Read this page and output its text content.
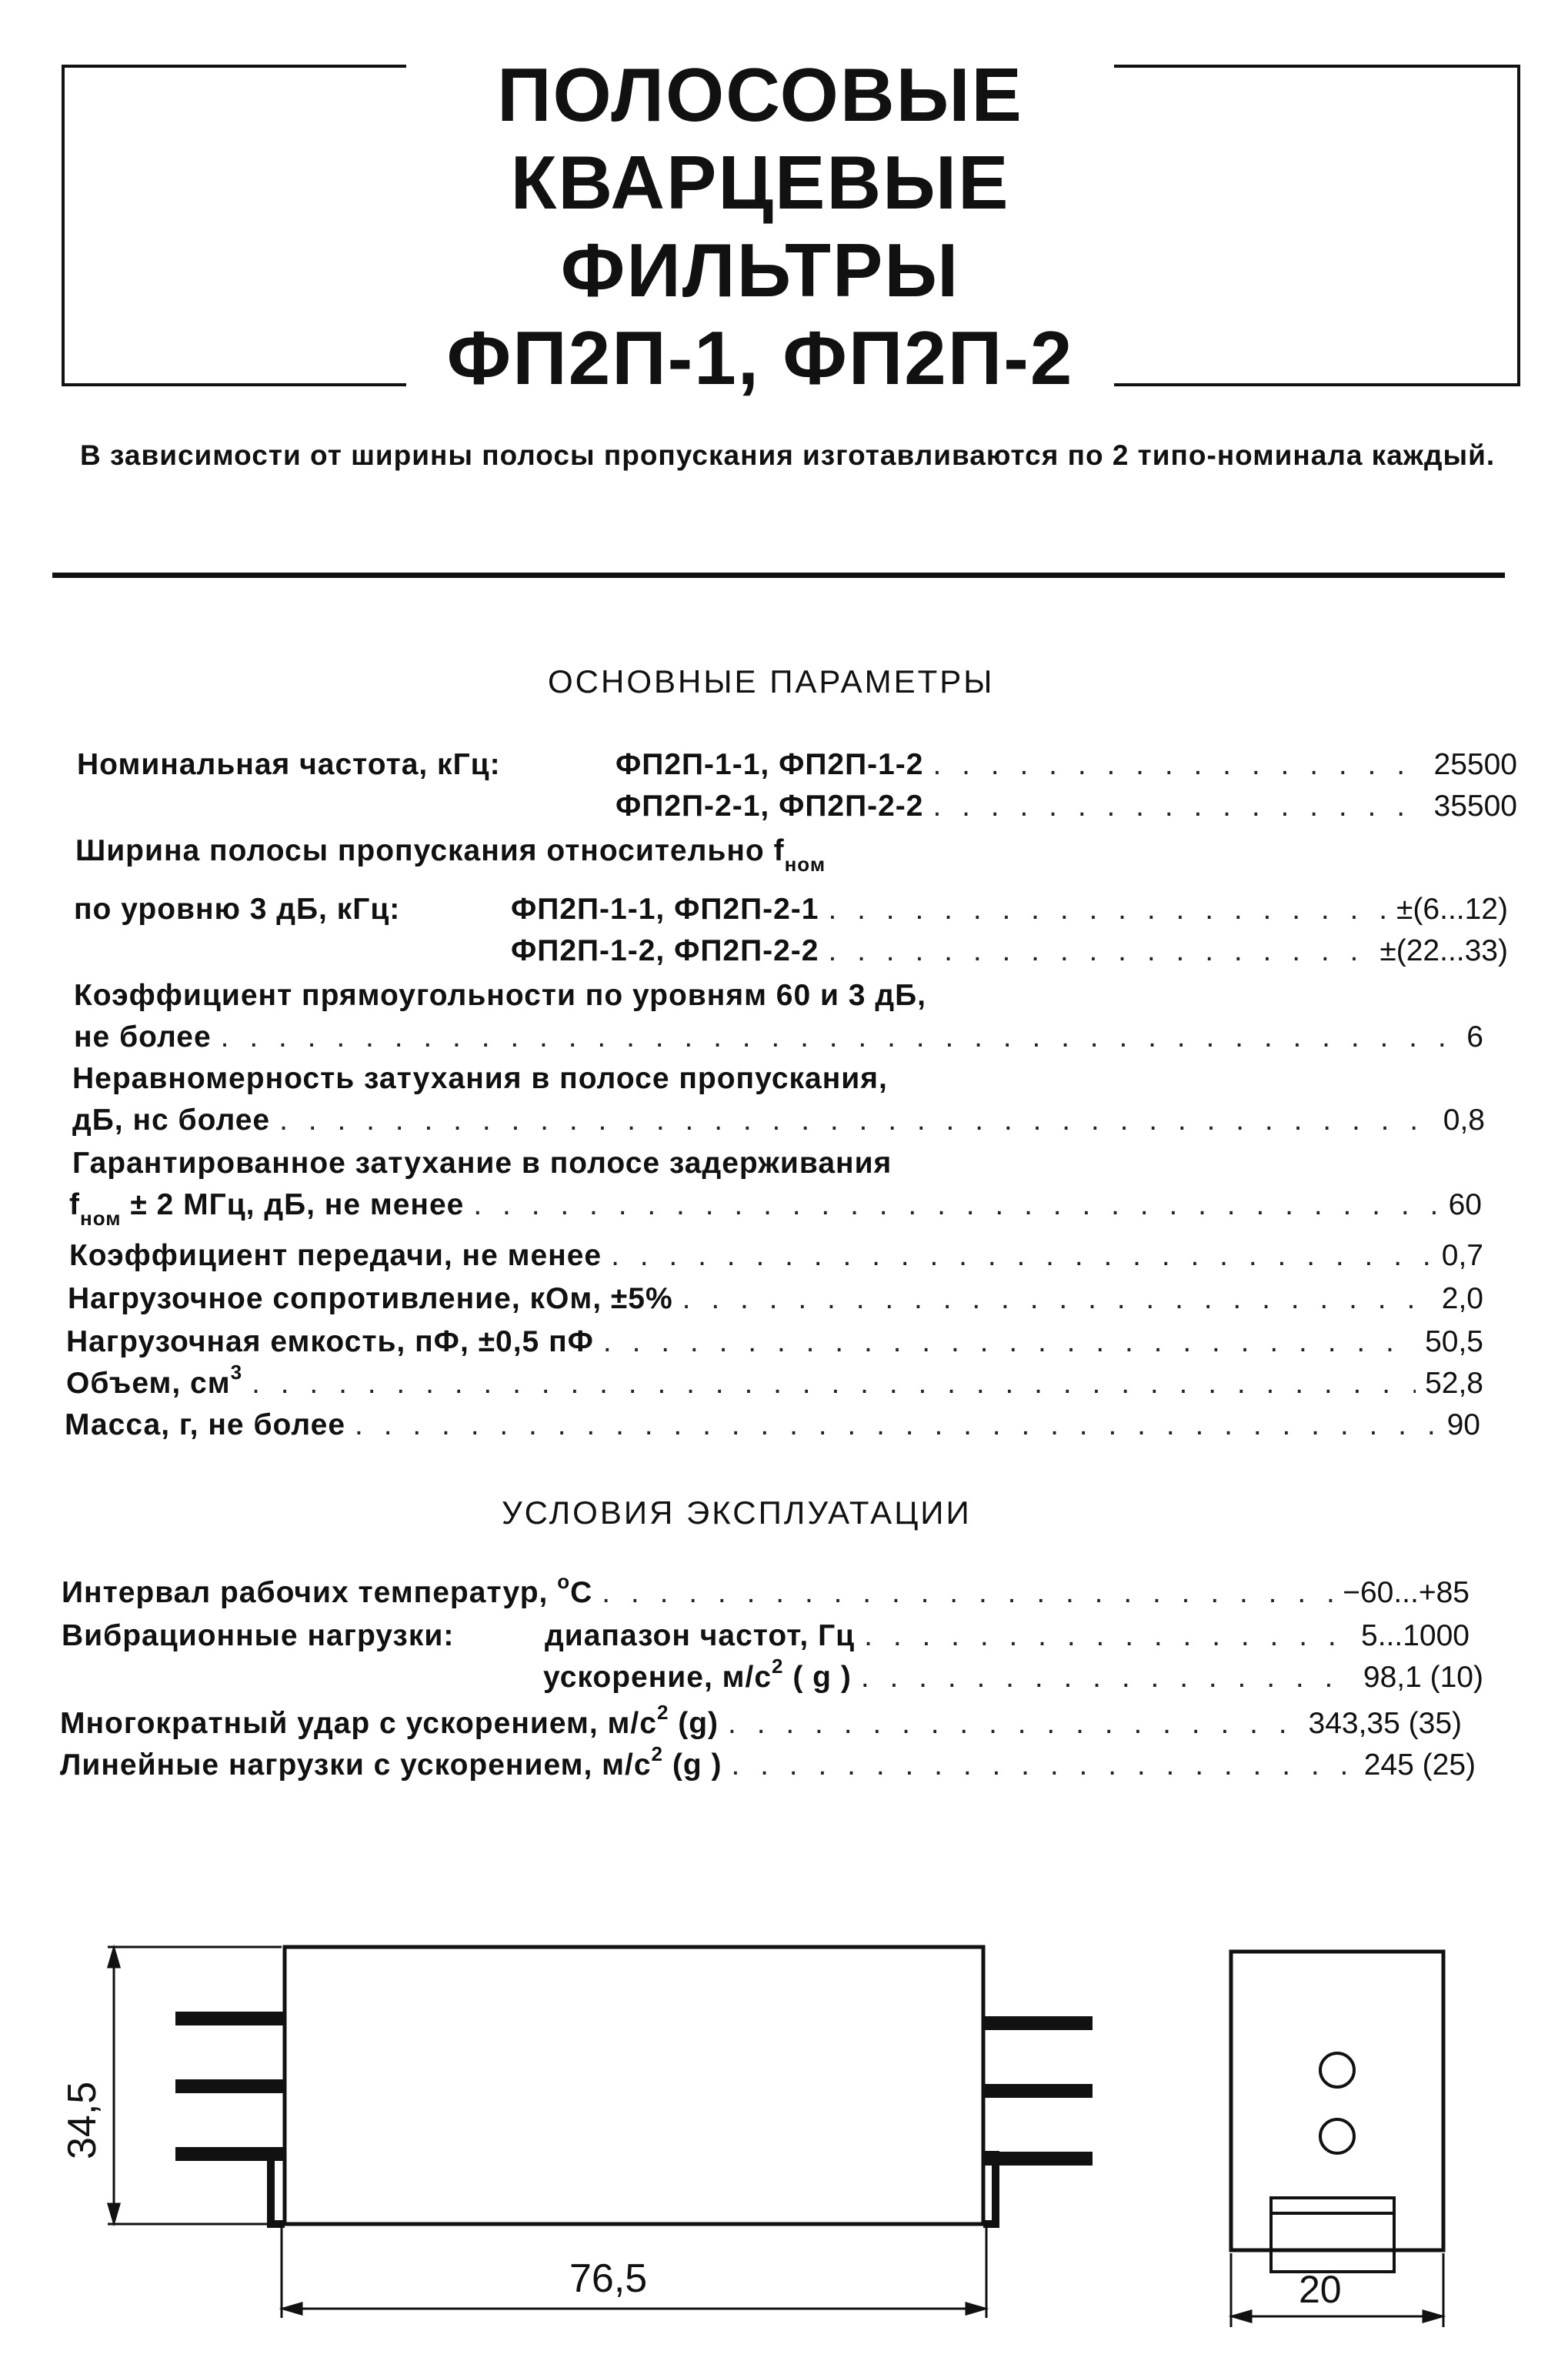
ПОЛОСОВЫЕ
КВАРЦЕВЫЕ
ФИЛЬТРЫ
ФП2П-1, ФП2П-2
В зависимости от ширины полосы пропускания изготавливаются по 2 типо-номинала каждый.
ОСНОВНЫЕ ПАРАМЕТРЫ
Номинальная частота, кГц:	ФП2П-1-1, ФП2П-1-2 . . .	25500
ФП2П-2-1, ФП2П-2-2 . . .	35500
Ширина полосы пропускания относительно $f_{ном}$
по уровню 3 дБ, кГц:	ФП2П-1-1, ФП2П-2-1 . . .	±(6...12)
ФП2П-1-2, ФП2П-2-2 . . .	±(22...33)
Коэффициент прямоугольности по уровням 60 и 3 дБ,
не более . . .	6
Неравномерность затухания в полосе пропускания,
дБ, нс более . . .	0,8
Гарантированное затухание в полосе задерживания
$f_{ном} \pm 2$ МГц, дБ, не менее . . .	60
Коэффициент передачи, не менее . . .	0,7
Нагрузочное сопротивление, кОм, ±5% . . .	2,0
Нагрузочная емкость, пФ, ±0,5 пФ . . .	50,5
Объем, $см^3$ . . .	52,8
Масса, г, не более . . .	90
УСЛОВИЯ ЭКСПЛУАТАЦИИ
Интервал рабочих температур, $^о$С . . .	−60...+85
Вибрационные нагрузки:	диапазон частот, Гц . . .	5...1000
ускорение, $м/с^2$ ( g ) . . .	98,1 (10)
Многократный удар с ускорением, $м/с^2$ (g) . . .	343,35 (35)
Линейные нагрузки с ускорением, $м/с^2$ (g ) . . .	245 (25)
34,5
76,5	20
